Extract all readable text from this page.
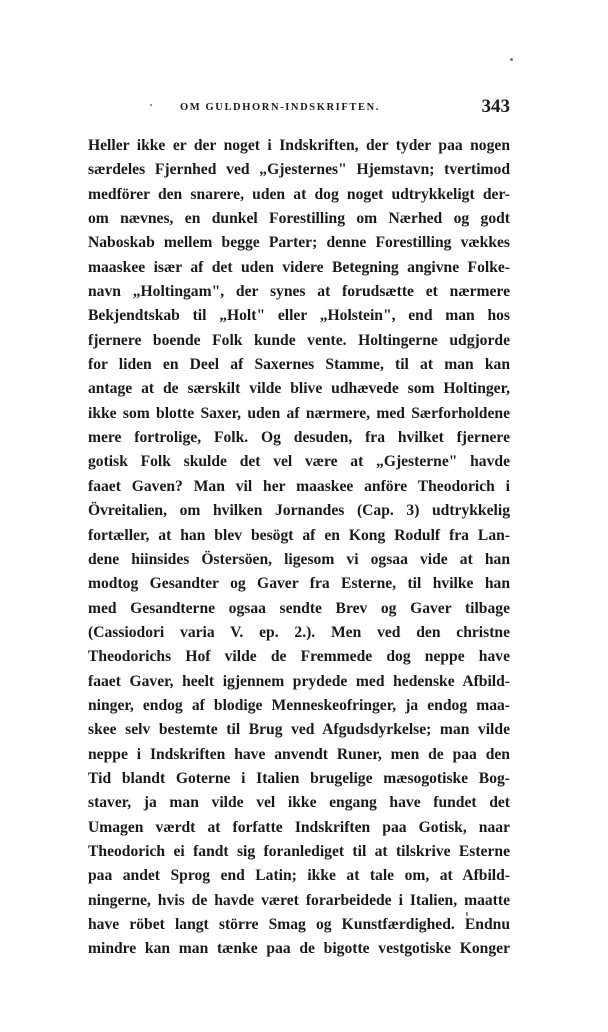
OM GULDHORN-INDSKRIFTEN.	343
Heller ikke er der noget i Indskriften, der tyder paa nogen
særdeles Fjernhed ved „Gjesternes" Hjemstavn; tvertimod
medförer den snarere, uden at dog noget udtrykkeligt der-
om nævnes, en dunkel Forestilling om Nærhed og godt
Naboskab mellem begge Parter; denne Forestilling vækkes
maaskee især af det uden videre Betegning angivne Folke-
navn „Holtingam", der synes at forudsætte et nærmere
Bekjendtskab til „Holt" eller „Holstein", end man hos
fjernere boende Folk kunde vente. Holtingerne udgjorde
for liden en Deel af Saxernes Stamme, til at man kan
antage at de særskilt vilde blive udhævede som Holtinger,
ikke som blotte Saxer, uden af nærmere, med Særforholdene
mere fortrolige, Folk. Og desuden, fra hvilket fjernere
gotisk Folk skulde det vel være at „Gjesterne" havde
faaet Gaven? Man vil her maaskee anföre Theodorich i
Övreitalien, om hvilken Jornandes (Cap. 3) udtrykkelig
fortæller, at han blev besögt af en Kong Rodulf fra Lan-
dene hiinsides Östersöen, ligesom vi ogsaa vide at han
modtog Gesandter og Gaver fra Esterne, til hvilke han
med Gesandterne ogsaa sendte Brev og Gaver tilbage
(Cassiodori varia V. ep. 2.). Men ved den christne
Theodorichs Hof vilde de Fremmede dog neppe have
faaet Gaver, heelt igjennem prydede med hedenske Afbild-
ninger, endog af blodige Menneskeofringer, ja endog maa-
skee selv bestemte til Brug ved Afgudsdyrkelse; man vilde
neppe i Indskriften have anvendt Runer, men de paa den
Tid blandt Goterne i Italien brugelige mæsogotiske Bog-
staver, ja man vilde vel ikke engang have fundet det
Umagen værdt at forfatte Indskriften paa Gotisk, naar
Theodorich ei fandt sig foranlediget til at tilskrive Esterne
paa andet Sprog end Latin; ikke at tale om, at Afbild-
ningerne, hvis de havde været forarbeidede i Italien, maatte
have röbet langt större Smag og Kunstfærdighed. Endnu
mindre kan man tænke paa de bigotte vestgotiske Konger
